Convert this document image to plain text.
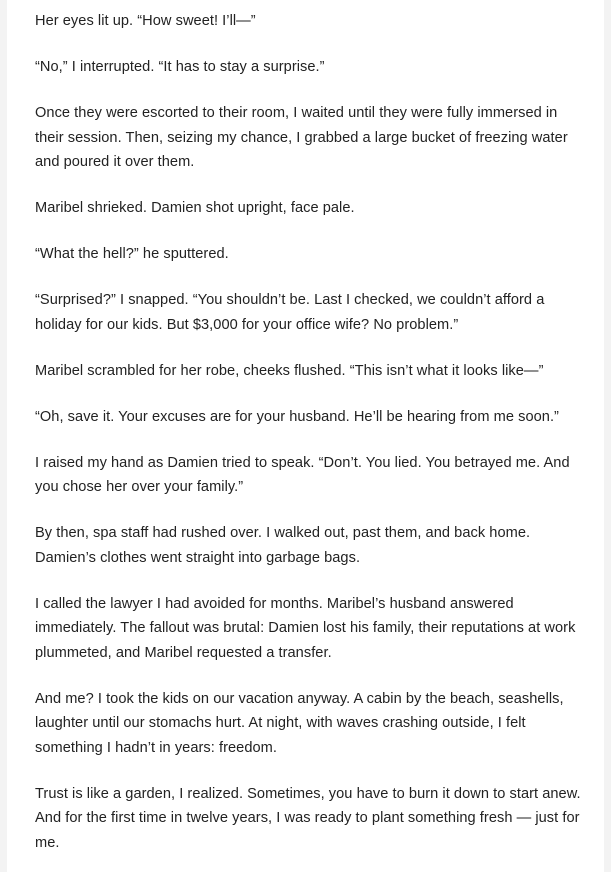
Her eyes lit up. “How sweet! I’ll—”

“No,” I interrupted. “It has to stay a surprise.”

Once they were escorted to their room, I waited until they were fully immersed in their session. Then, seizing my chance, I grabbed a large bucket of freezing water and poured it over them.

Maribel shrieked. Damien shot upright, face pale.

“What the hell?” he sputtered.

“Surprised?” I snapped. “You shouldn’t be. Last I checked, we couldn’t afford a holiday for our kids. But $3,000 for your office wife? No problem.”

Maribel scrambled for her robe, cheeks flushed. “This isn’t what it looks like—”

“Oh, save it. Your excuses are for your husband. He’ll be hearing from me soon.”

I raised my hand as Damien tried to speak. “Don’t. You lied. You betrayed me. And you chose her over your family.”

By then, spa staff had rushed over. I walked out, past them, and back home. Damien’s clothes went straight into garbage bags.

I called the lawyer I had avoided for months. Maribel’s husband answered immediately. The fallout was brutal: Damien lost his family, their reputations at work plummeted, and Maribel requested a transfer.

And me? I took the kids on our vacation anyway. A cabin by the beach, seashells, laughter until our stomachs hurt. At night, with waves crashing outside, I felt something I hadn’t in years: freedom.

Trust is like a garden, I realized. Sometimes, you have to burn it down to start anew. And for the first time in twelve years, I was ready to plant something fresh — just for me.
